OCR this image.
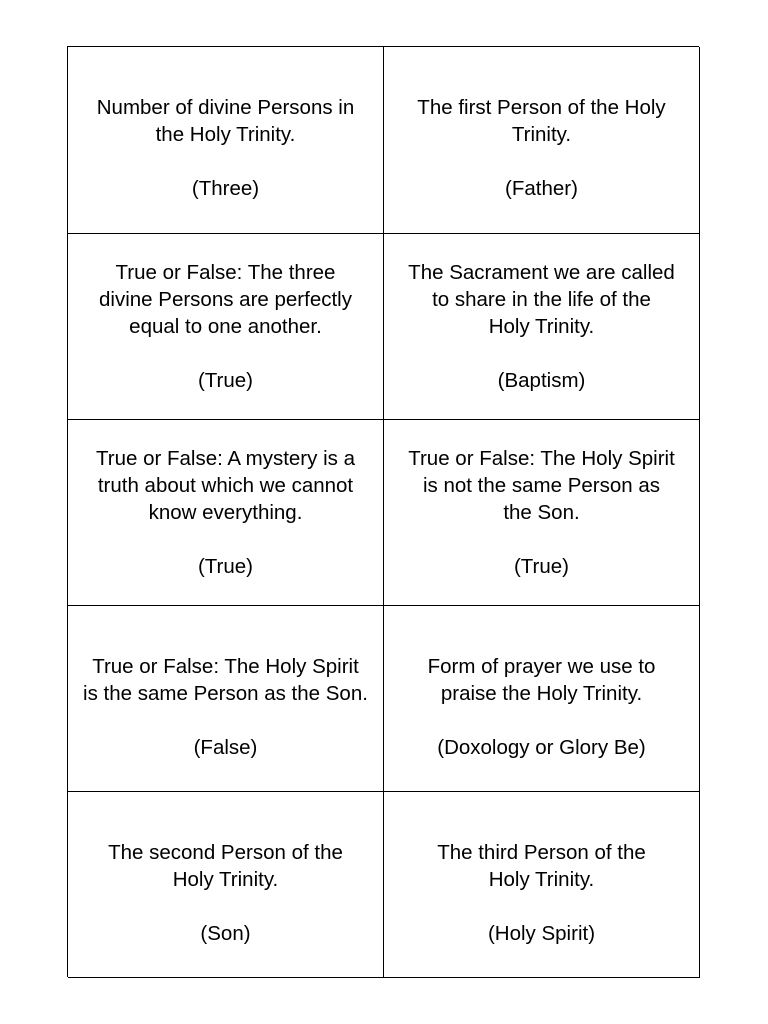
Number of divine Persons in
the Holy Trinity.
(Three)
The first Person of the Holy
Trinity.
(Father)
True or False: The three
divine Persons are perfectly
equal to one another.
(True)
The Sacrament we are called
to share in the life of the
Holy Trinity.
(Baptism)
True or False: A mystery is a
truth about which we cannot
know everything.
(True)
True or False: The Holy Spirit
is not the same Person as
the Son.
(True)
True or False: The Holy Spirit
is the same Person as the Son.
(False)
Form of prayer we use to
praise the Holy Trinity.
(Doxology or Glory Be)
The second Person of the
Holy Trinity.
(Son)
The third Person of the
Holy Trinity.
(Holy Spirit)
